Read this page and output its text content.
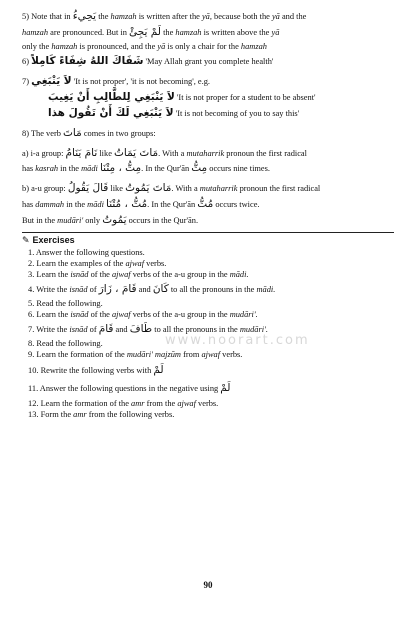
5) Note that in يَحِيءُ the hamzah is written after the yā, because both the yā and the
hamzah are pronounced. But in لَمْ يَجِئْ the hamzah is written above the yā
only the hamzah is pronounced, and the yā is only a chair for the hamzah
6) شَفَاكَ اللهُ شِفَاءً كَامِلاً 'May Allah grant you complete health'
7) لاَ يَنْبَغِي 'It is not proper', 'it is not becoming', e.g.
لاَ يَنْبَغِي لِلطَّالِبِ أَنْ يَغِيبَ 'It is not proper for a student to be absent'
لاَ يَنْبَغِي لَكَ أَنْ تَقُولَ هذا 'It is not becoming of you to say this'
8) The verb مَاتَ comes in two groups:
a) i-a group: نَامَ يَنَامُ like مَاتَ يَمَاتُ. With a mutaharrik pronoun the first radical
has kasrah in the mādi مِتُّ ، مِتْنَا. In the Qur'ān مِتُّ occurs nine times.
b) a-u group: قَالَ يَقُولُ like مَاتَ يَمُوتُ. With a mutaharrik pronoun the first radical
has dammah in the mādi مُتُّ ، مُتْنَا. In the Qur'ān مُتُّ occurs twice.
But in the mudāri' only يَمُوتُ occurs in the Qur'ān.
✎ Exercises
1. Answer the following questions.
2. Learn the examples of the ajwaf verbs.
3. Learn the isnād of the ajwaf verbs of the a-u group in the mādi.
4. Write the isnād of قَامَ ، زَارَ and كَانَ to all the pronouns in the mādi.
5. Read the following.
6. Learn the isnād of the ajwaf verbs of the a-u group in the mudāri'.
7. Write the isnād of قَامَ and طَافَ to all the pronouns in the mudāri'.
8. Read the following.
9. Learn the formation of the mudāri' majzūm from ajwaf verbs.
10. Rewrite the following verbs with لَمْ
11. Answer the following questions in the negative using لَمْ
12. Learn the formation of the amr from the ajwaf verbs.
13. Form the amr from the following verbs.
www.noorart.com
90
